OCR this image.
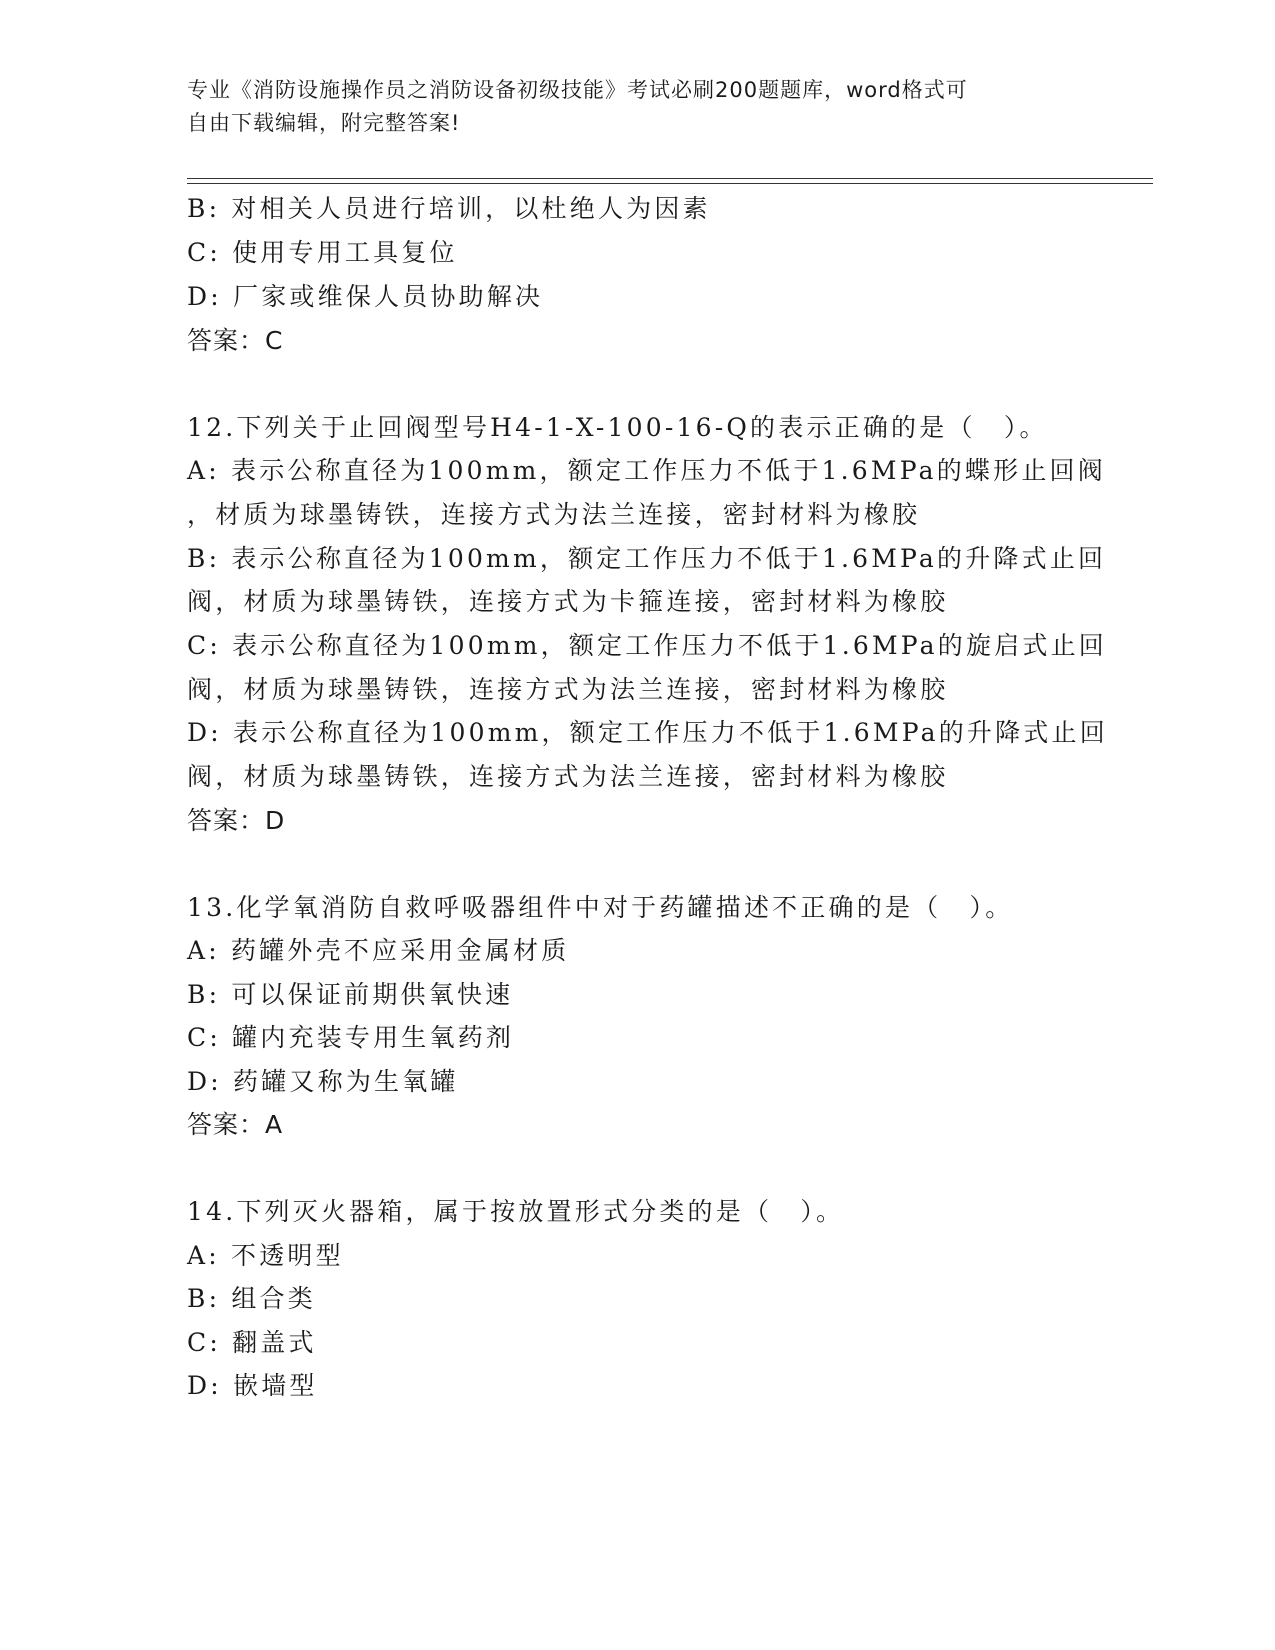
专业《消防设施操作员之消防设备初级技能》考试必刷200题题库，word格式可
自由下载编辑，附完整答案!
B: 对相关人员进行培训，以杜绝人为因素
C: 使用专用工具复位
D: 厂家或维保人员协助解决
答案：C
12.下列关于止回阀型号H4-1-X-100-16-Q的表示正确的是（　）。
A: 表示公称直径为100mm，额定工作压力不低于1.6MPa的蝶形止回阀
，材质为球墨铸铁，连接方式为法兰连接，密封材料为橡胶
B: 表示公称直径为100mm，额定工作压力不低于1.6MPa的升降式止回
阀，材质为球墨铸铁，连接方式为卡箍连接，密封材料为橡胶
C: 表示公称直径为100mm，额定工作压力不低于1.6MPa的旋启式止回
阀，材质为球墨铸铁，连接方式为法兰连接，密封材料为橡胶
D: 表示公称直径为100mm，额定工作压力不低于1.6MPa的升降式止回
阀，材质为球墨铸铁，连接方式为法兰连接，密封材料为橡胶
答案：D
13.化学氧消防自救呼吸器组件中对于药罐描述不正确的是（　）。
A: 药罐外壳不应采用金属材质
B: 可以保证前期供氧快速
C: 罐内充装专用生氧药剂
D: 药罐又称为生氧罐
答案：A
14.下列灭火器箱，属于按放置形式分类的是（　）。
A: 不透明型
B: 组合类
C: 翻盖式
D: 嵌墙型
